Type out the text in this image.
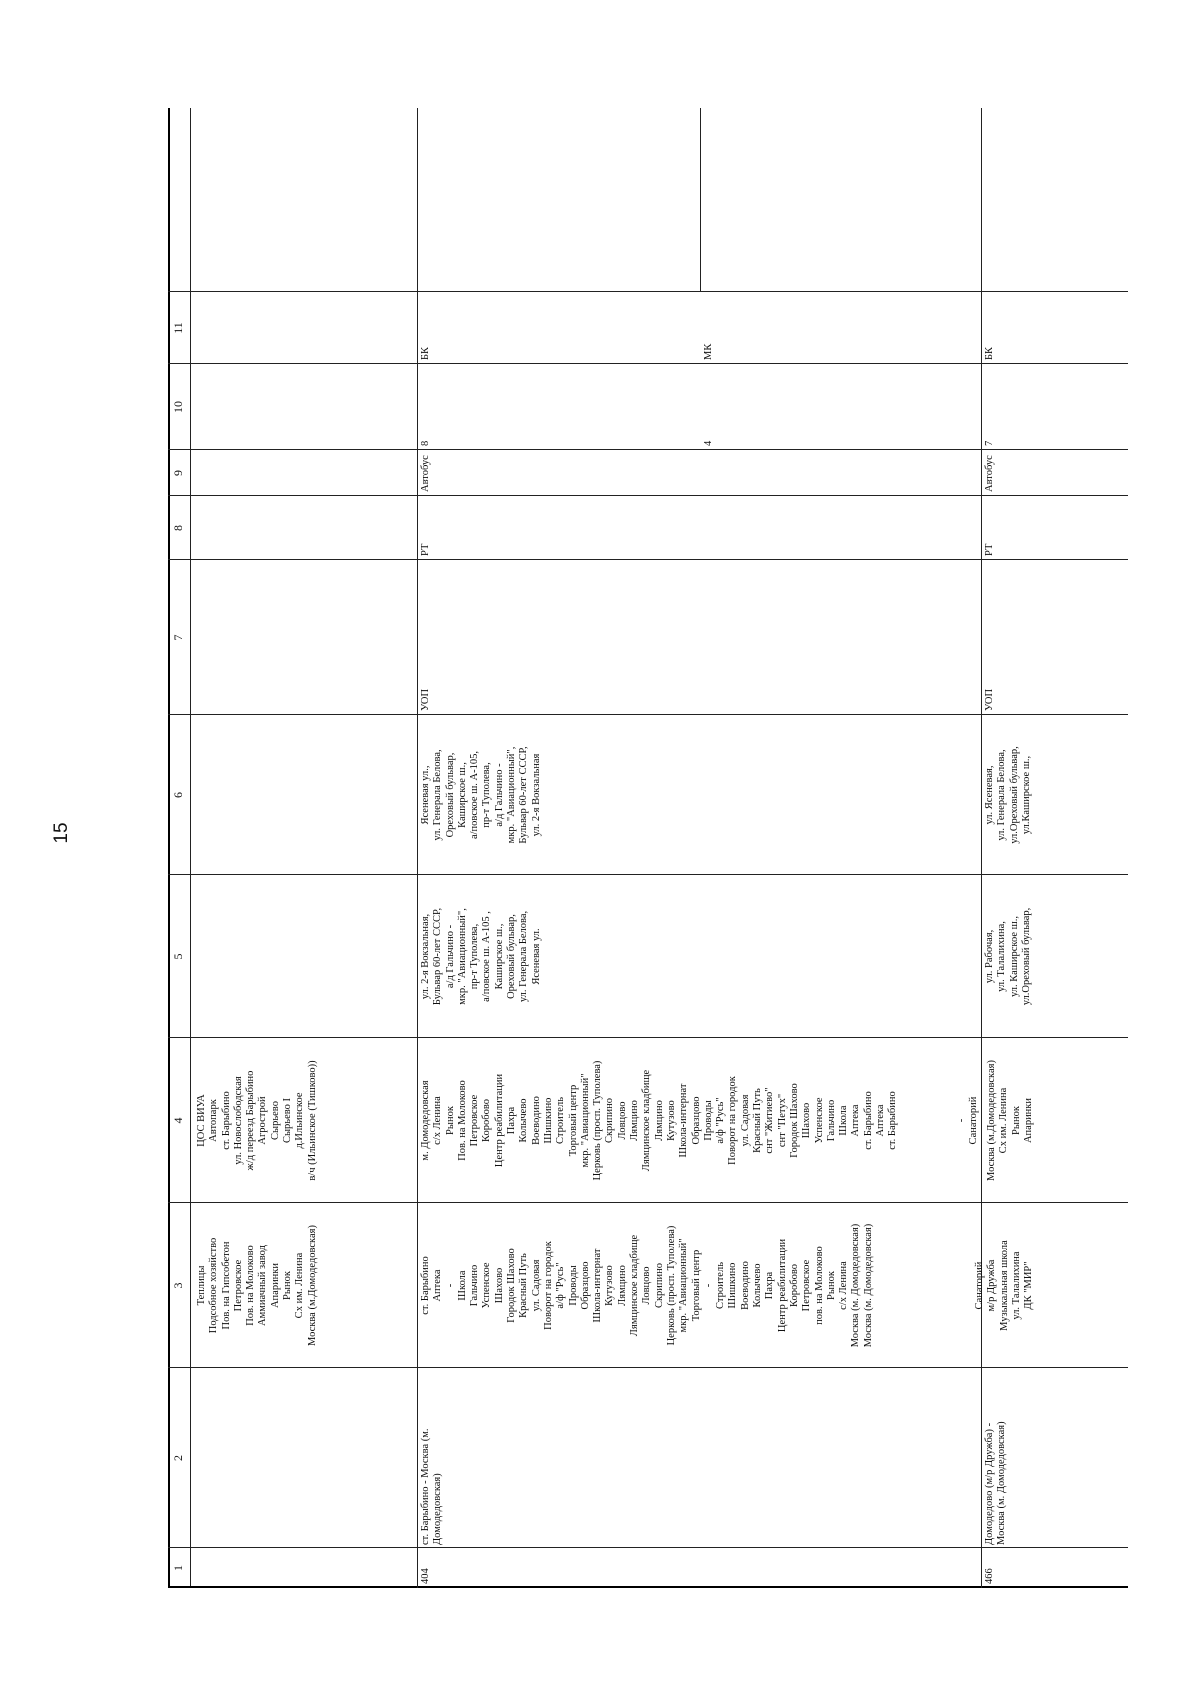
15
1
2
3
4
5
6
7
8
9
10
11
Теплицы Подсобное хозяйство Пов. на Гипсобетон Петровское Пов. на Молоково Аммиачный завод Апаринки Рынок Сх им. Ленина Москва (м.Домодедовская)
ЦОС ВИУА Автопарк ст. Барыбино ул. Новослободская ж/д переезд Барыбино Агрострой Сырьево Сырьево I д.Ильинское в/ч (Ильинское (Тишково))
404
ст. Барыбино - Москва (м. Домодедовская)
ст. Барыбино Аптека - Школа Гальчино Успенское Шахово Городок Шахово Красный Путь ул. Садовая Поворот на городок а/ф "Русь" Проводы Образцово Школа-интернат Кутузово Лямцино Лямцинское кладбище Ловцово Скрипино Церковь (просп. Туполева) мкр. "Авиационный" Торговый центр - Строитель Шишкино Воеводино Колычево Пахра Центр реабилитации Коробово Петровское пов. на Молоково Рынок с/х Ленина Москва (м. Домодедовская) Москва (м. Домодедовская)
м. Домодедовская с/х Ленина Рынок Пов. на Молоково Петровское Коробово Центр реабилитации Пахра Колычево Воеводино Шишкино Строитель Торговый центр мкр. "Авиационный" Церковь (просп. Туполева) Скрипино Ловцово Лямцино Лямцинское кладбище Лямцино Кутузово Школа-интернат Образцово Проводы а/ф "Русь" Поворот на городок ул. Садовая Красный Путь снт "Житиево" снт "Петух" Городок Шахово Шахово Успенское Гальчино Школа Аптека ст. Барыбино Аптека ст. Барыбино
ул. 2-я Вокзальная, Бульвар 60-лет СССР, а/д Гальчино - мкр. "Авиационный", пр-т Туполева, а/повское ш. А-105 , Каширское ш., Ореховый бульвар, ул. Генерала Белова, Ясеневая ул.
Ясеневая ул., ул. Генерала Белова, Ореховый бульвар, Каширское ш., а/повское ш. А-105, пр-т Туполева, а/д Гальчино - мкр. "Авиационный", Бульвар 60-лет СССР, ул. 2-я Вокзальная
УОП
РТ
Автобус
8
БК
4
МК
466
Домодедово (м/р Дружба) - Москва (м. Домодедовская)
Санаторий м/р Дружба Музыкальная школа ул. Талалихина ДК "МИР"
- Санаторий Москва (м.Домодедовская) Сх им. Ленина Рынок Апаринки
ул. Рабочая, ул. Талалихина, ул. Каширское ш., ул.Ореховый бульвар,
ул. Ясеневая, ул. Генерала Белова, ул.Ореховый бульвар, ул.Каширское ш.,
УОП
РТ
Автобус
7
БК
